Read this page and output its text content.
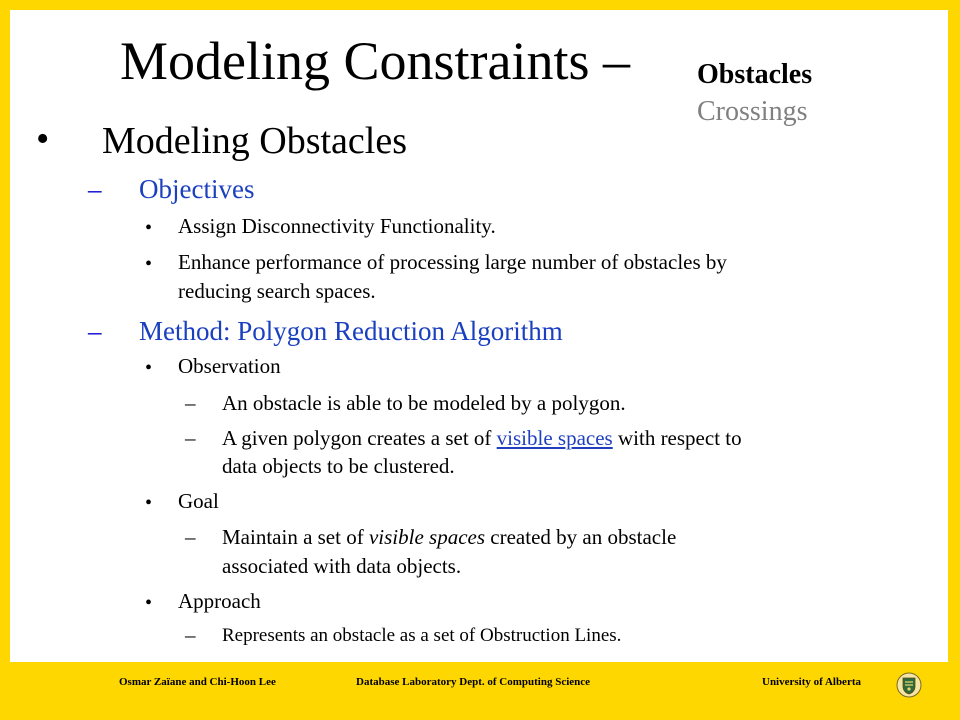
Modeling Constraints – Obstacles
Crossings
• Modeling Obstacles
– Objectives
• Assign Disconnectivity Functionality.
• Enhance performance of processing large number of obstacles by
reducing search spaces.
– Method: Polygon Reduction Algorithm
• Observation
– An obstacle is able to be modeled by a polygon.
– A given polygon creates a set of visible spaces with respect to
data objects to be clustered.
• Goal
– Maintain a set of visible spaces created by an obstacle
associated with data objects.
• Approach
– Represents an obstacle as a set of Obstruction Lines.
Osmar Zaïane and Chi-Hoon Lee	Database Laboratory Dept. of Computing Science	University of Alberta
